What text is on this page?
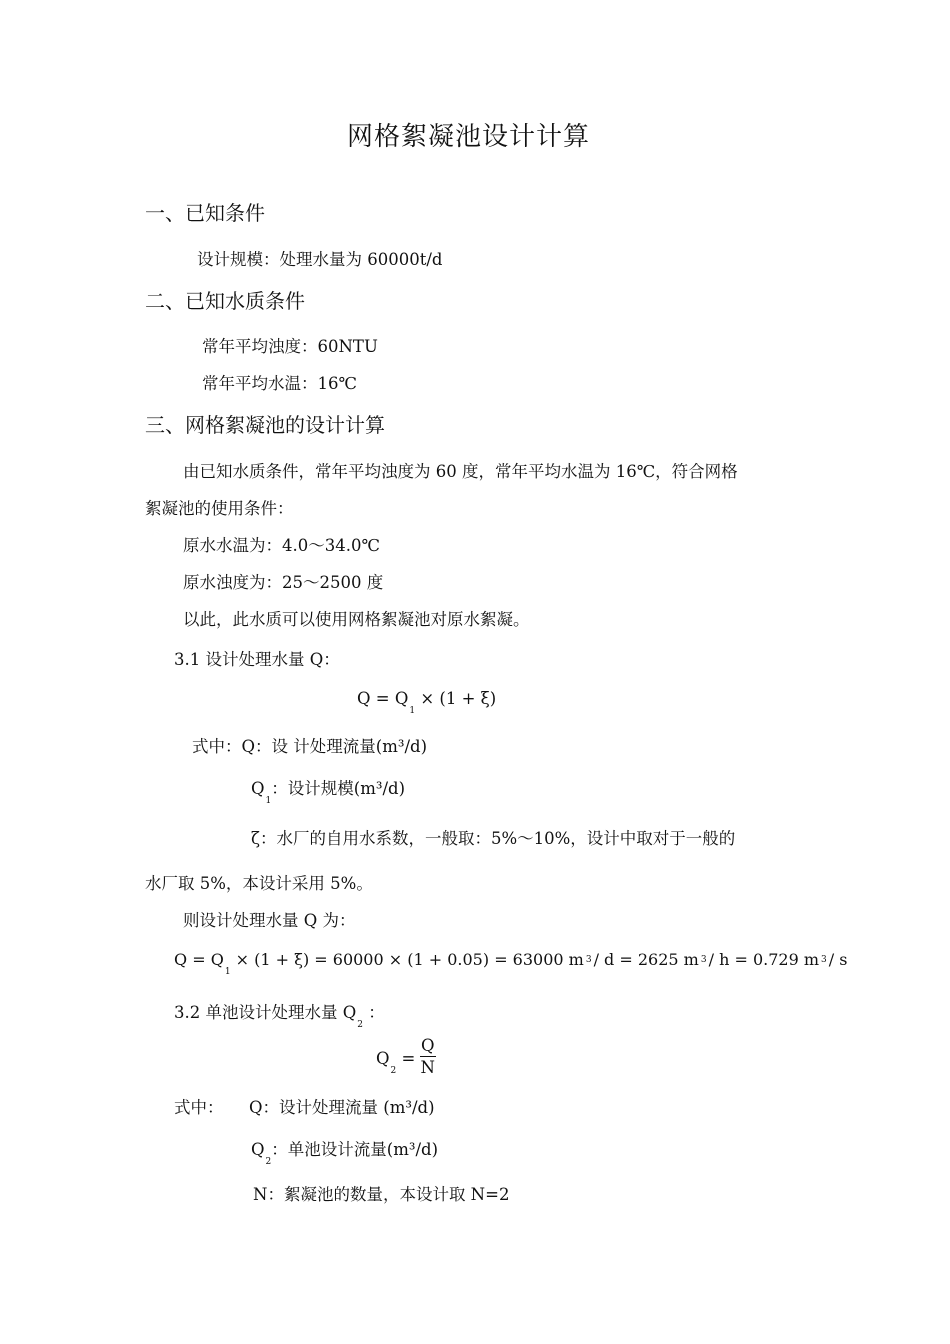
网格絮凝池设计计算
一、已知条件
设计规模：处理水量为 60000t/d
二、已知水质条件
常年平均浊度：60NTU
常年平均水温：16℃
三、网格絮凝池的设计计算
由已知水质条件，常年平均浊度为 60 度，常年平均水温为 16℃，符合网格
絮凝池的使用条件：
原水水温为：4.0～34.0℃
原水浊度为：25～2500 度
以此，此水质可以使用网格絮凝池对原水絮凝。
3.1 设计处理水量 Q：
$Q = Q_1 \times (1 + \xi)$
式中：Q：设 计处理流量(m³/d)
$Q_1$：设计规模(m³/d)
ζ：水厂的自用水系数，一般取：5%～10%，设计中取对于一般的
水厂取 5%，本设计采用 5%。
则设计处理水量 Q 为：
$Q = Q_1 \times (1 + \xi) = 60000 \times (1 + 0.05) = 63000$ m 3 / d = 2625 m 3 / h = 0.729 m 3 / s
3.2 单池设计处理水量 $Q_2$ ：
$Q_2 = \frac{Q}{N}$
式中： Q：设计处理流量 (m³/d)
$Q_2$：单池设计流量(m³/d)
N：絮凝池的数量，本设计取 N=2
